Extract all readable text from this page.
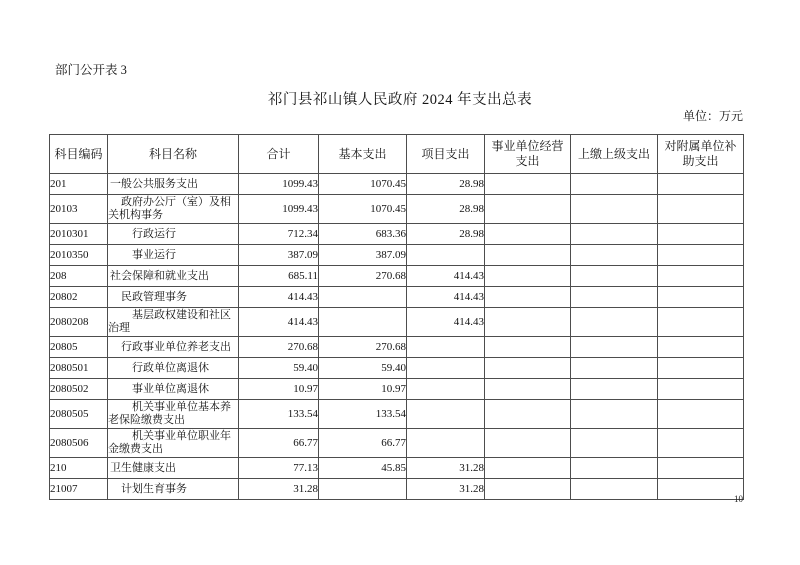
部门公开表 3
祁门县祁山镇人民政府 2024 年支出总表
单位：万元
科目编码	科目名称	合计	基本支出	项目支出	事业单位经营支出	上缴上级支出	对附属单位补助支出
201	一般公共服务支出	1099.43	1070.45	28.98			
20103	政府办公厅（室）及相关机构事务	1099.43	1070.45	28.98			
2010301	行政运行	712.34	683.36	28.98			
2010350	事业运行	387.09	387.09				
208	社会保障和就业支出	685.11	270.68	414.43			
20802	民政管理事务	414.43		414.43			
2080208	基层政权建设和社区治理	414.43		414.43			
20805	行政事业单位养老支出	270.68	270.68				
2080501	行政单位离退休	59.40	59.40				
2080502	事业单位离退休	10.97	10.97				
2080505	机关事业单位基本养老保险缴费支出	133.54	133.54				
2080506	机关事业单位职业年金缴费支出	66.77	66.77				
210	卫生健康支出	77.13	45.85	31.28			
21007	计划生育事务	31.28		31.28			
10
